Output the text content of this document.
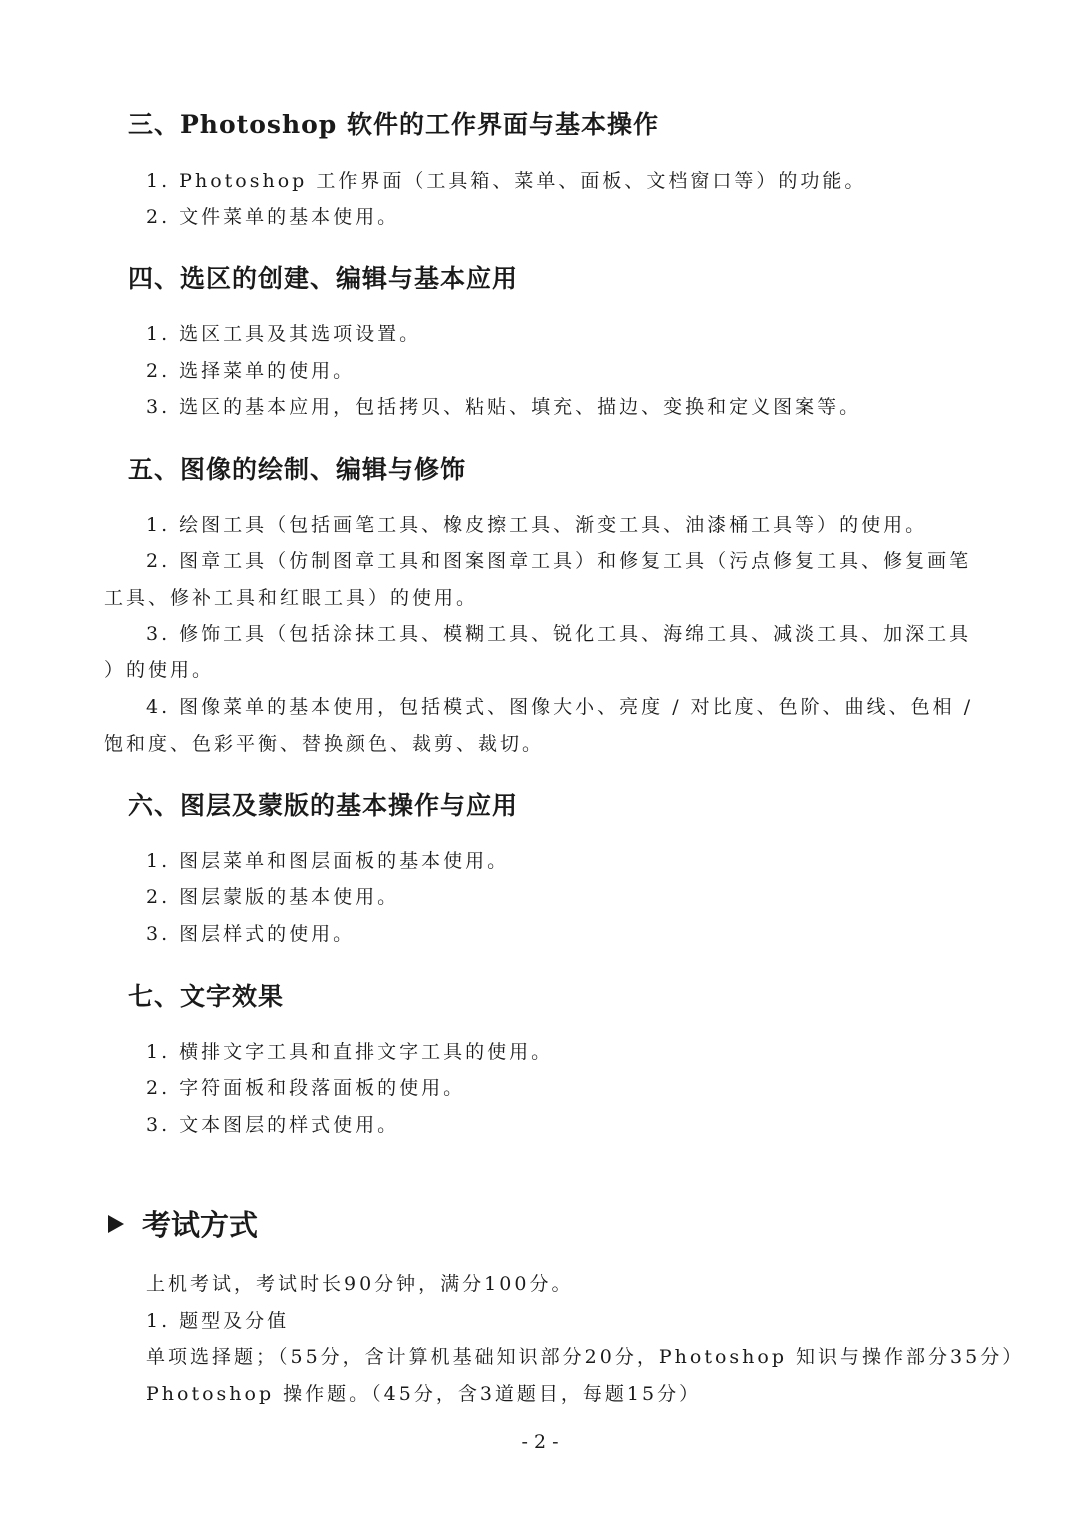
三、Photoshop 软件的工作界面与基本操作
1. Photoshop 工作界面（工具箱、菜单、面板、文档窗口等）的功能。
2. 文件菜单的基本使用。
四、选区的创建、编辑与基本应用
1. 选区工具及其选项设置。
2. 选择菜单的使用。
3. 选区的基本应用，包括拷贝、粘贴、填充、描边、变换和定义图案等。
五、图像的绘制、编辑与修饰
1. 绘图工具（包括画笔工具、橡皮擦工具、渐变工具、油漆桶工具等）的使用。
2. 图章工具（仿制图章工具和图案图章工具）和修复工具（污点修复工具、修复画笔
工具、修补工具和红眼工具）的使用。
3. 修饰工具（包括涂抹工具、模糊工具、锐化工具、海绵工具、减淡工具、加深工具
）的使用。
4. 图像菜单的基本使用，包括模式、图像大小、亮度 / 对比度、色阶、曲线、色相 /
饱和度、色彩平衡、替换颜色、裁剪、裁切。
六、图层及蒙版的基本操作与应用
1. 图层菜单和图层面板的基本使用。
2. 图层蒙版的基本使用。
3. 图层样式的使用。
七、文字效果
1. 横排文字工具和直排文字工具的使用。
2. 字符面板和段落面板的使用。
3. 文本图层的样式使用。
考试方式
上机考试，考试时长90分钟，满分100分。
1. 题型及分值
单项选择题；（55分，含计算机基础知识部分20分，Photoshop 知识与操作部分35分）
Photoshop 操作题。（45分，含3道题目，每题15分）
- 2 -
